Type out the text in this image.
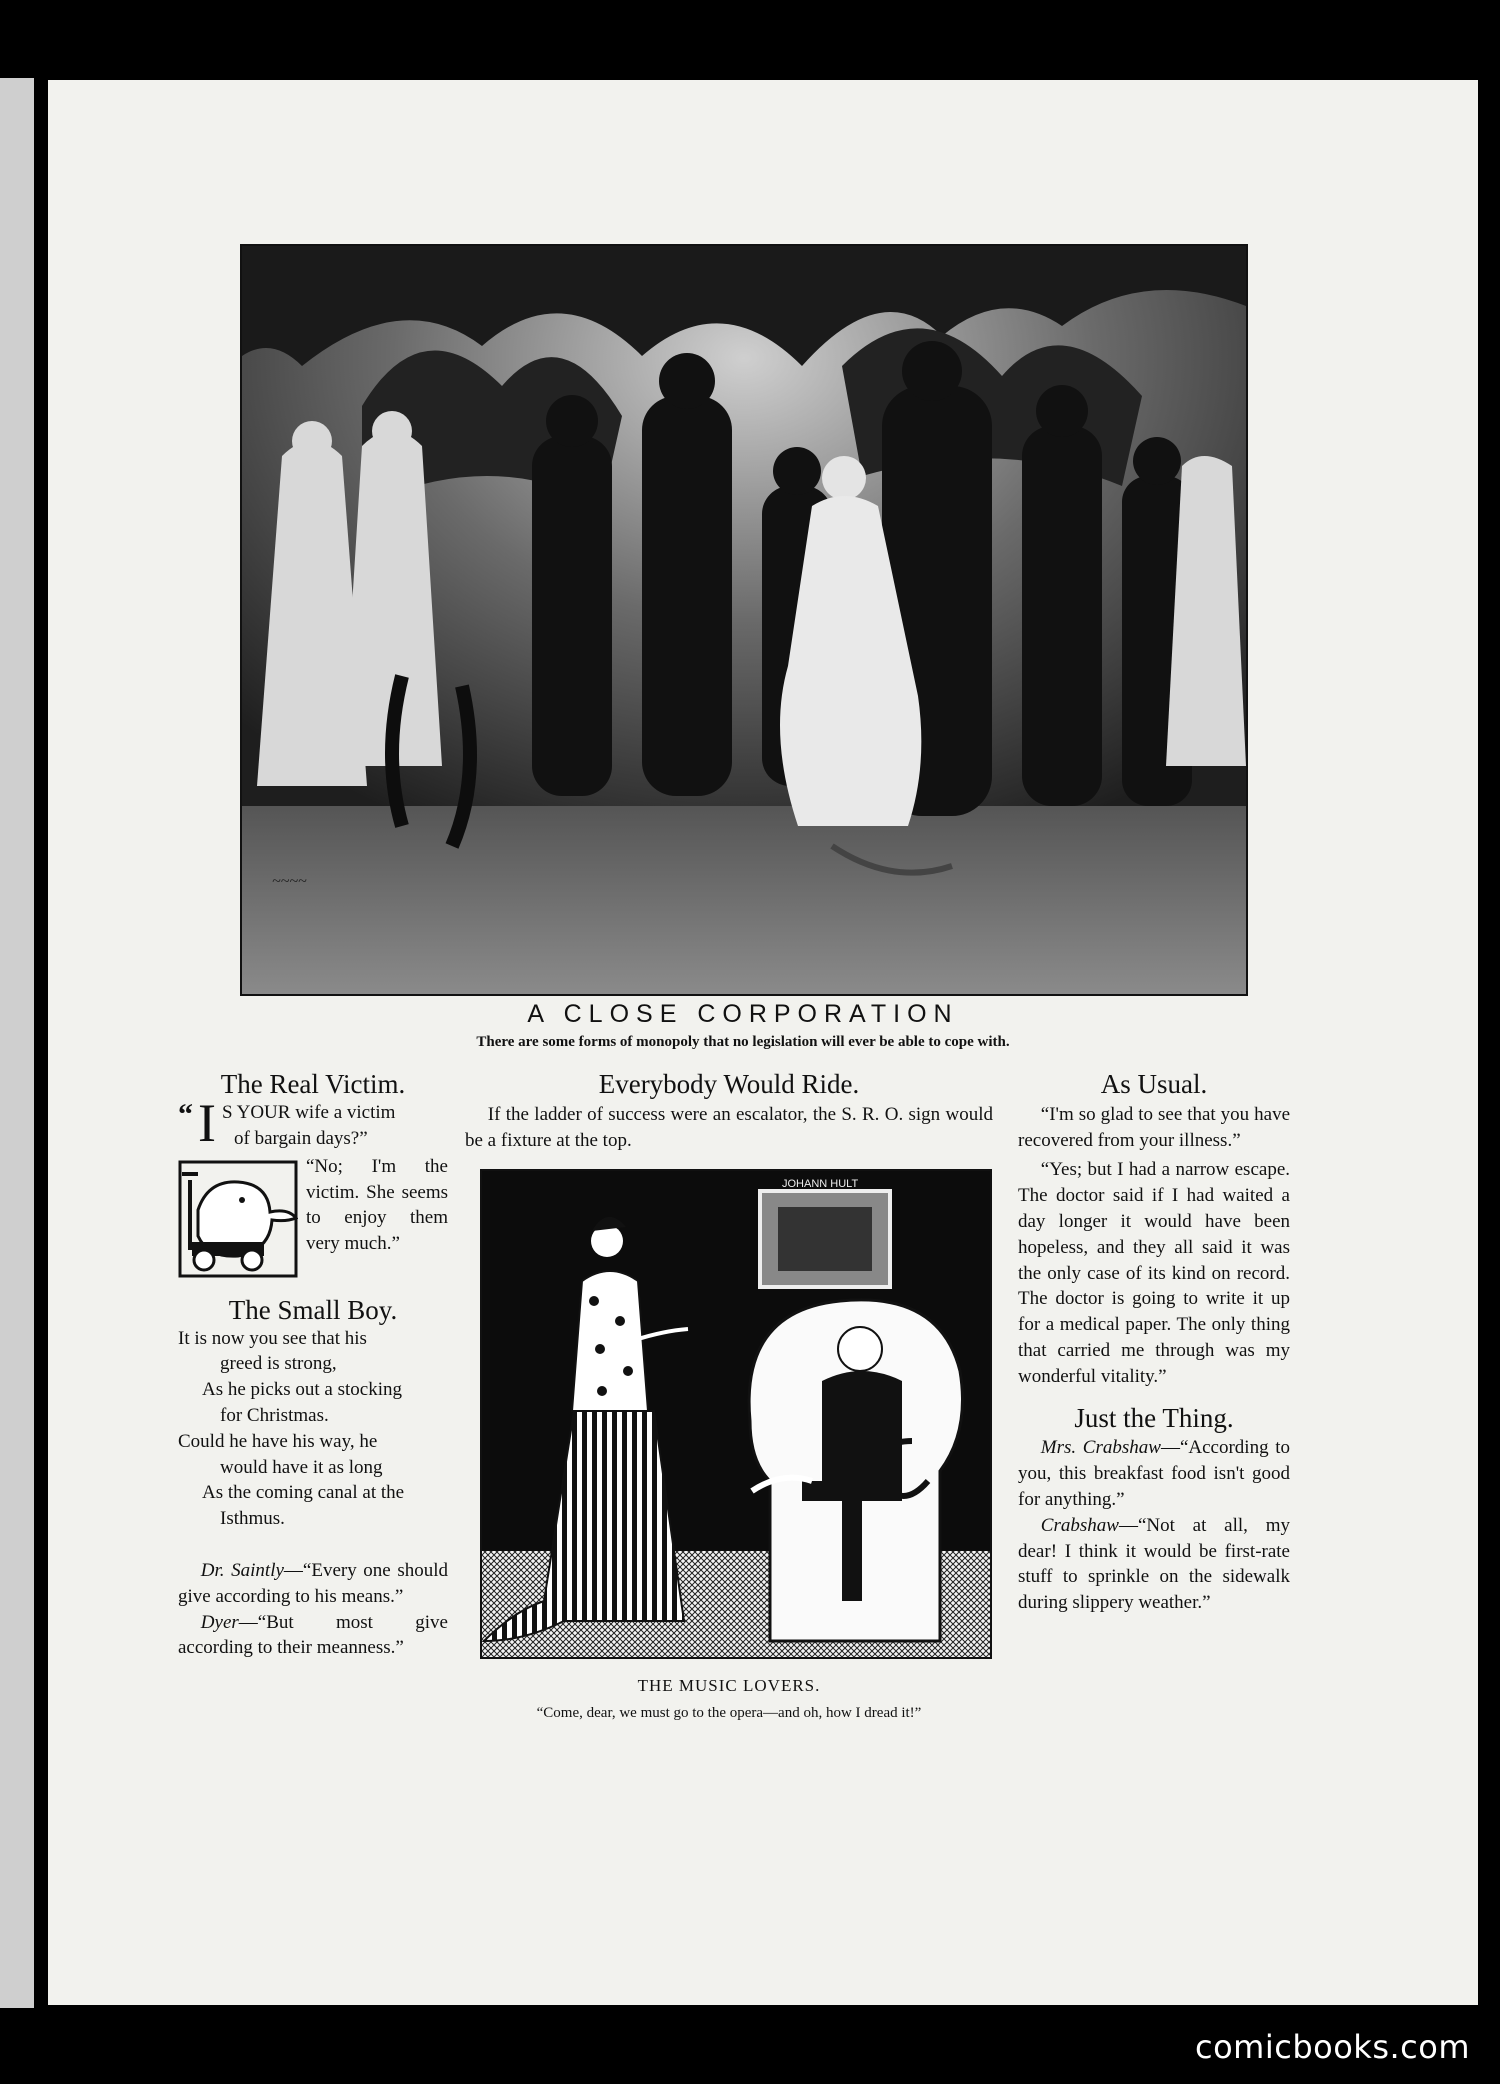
~~~~
A CLOSE CORPORATION
There are some forms of monopoly that no legislation will ever be able to cope with.
The Real Victim.
“ I S YOUR wife a victim
of bargain days?”

“No; I'm the victim. She seems to enjoy them very much.”

The Small Boy.

It is now you see that his

greed is strong,

As he picks out a stocking

for Christmas.

Could he have his way, he

would have it as long

As the coming canal at the

Isthmus.

Dr. Saintly—“Every one should give according to his means.”

Dyer—“But most give according to their meanness.”

Everybody Would Ride.

If the ladder of success were an escalator, the S. R. O. sign would be a fixture at the top.

JOHANN HULT
THE MUSIC LOVERS.
“Come, dear, we must go to the opera—and oh, how I dread it!”
As Usual.

“I'm so glad to see that you have recovered from your illness.”

“Yes; but I had a narrow escape. The doctor said if I had waited a day longer it would have been hopeless, and they all said it was the only case of its kind on record. The doctor is going to write it up for a medical paper. The only thing that carried me through was my wonderful vitality.”

Just the Thing.

Mrs. Crabshaw—“According to you, this breakfast food isn't good for anything.”

Crabshaw—“Not at all, my dear! I think it would be first-rate stuff to sprinkle on the sidewalk during slippery weather.”

comicbooks.com
